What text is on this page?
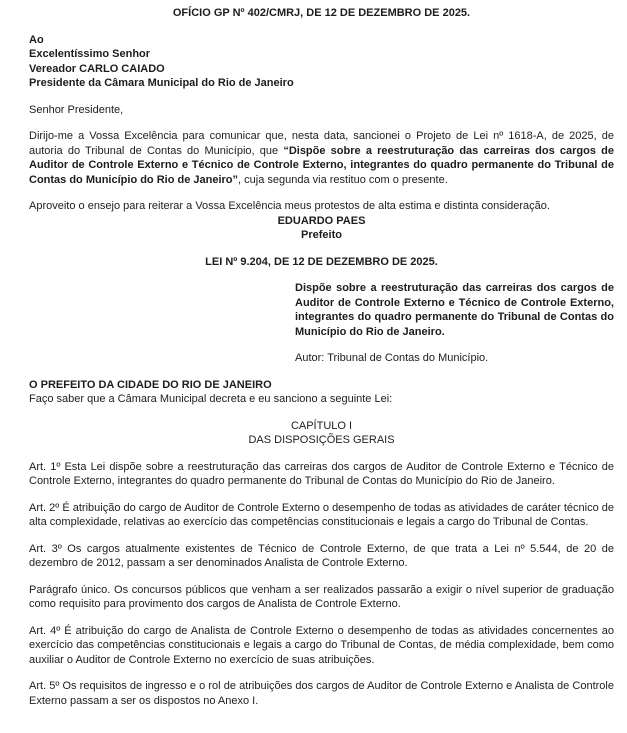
OFÍCIO GP Nº 402/CMRJ, DE 12 DE DEZEMBRO DE 2025.

Ao

Excelentíssimo Senhor

Vereador CARLO CAIADO

Presidente da Câmara Municipal do Rio de Janeiro

Senhor Presidente,

Dirijo-me a Vossa Excelência para comunicar que, nesta data, sancionei o Projeto de Lei nº 1618-A, de 2025, de autoria do Tribunal de Contas do Município, que “Dispõe sobre a reestruturação das carreiras dos cargos de Auditor de Controle Externo e Técnico de Controle Externo, integrantes do quadro permanente do Tribunal de Contas do Município do Rio de Janeiro”, cuja segunda via restituo com o presente.

Aproveito o ensejo para reiterar a Vossa Excelência meus protestos de alta estima e distinta consideração.

EDUARDO PAES

Prefeito

LEI Nº 9.204, DE 12 DE DEZEMBRO DE 2025.

Dispõe sobre a reestruturação das carreiras dos cargos de Auditor de Controle Externo e Técnico de Controle Externo, integrantes do quadro permanente do Tribunal de Contas do Município do Rio de Janeiro.

Autor: Tribunal de Contas do Município.

O PREFEITO DA CIDADE DO RIO DE JANEIRO

Faço saber que a Câmara Municipal decreta e eu sanciono a seguinte Lei:

CAPÍTULO I

DAS DISPOSIÇÕES GERAIS

Art. 1º Esta Lei dispõe sobre a reestruturação das carreiras dos cargos de Auditor de Controle Externo e Técnico de Controle Externo, integrantes do quadro permanente do Tribunal de Contas do Município do Rio de Janeiro.

Art. 2º É atribuição do cargo de Auditor de Controle Externo o desempenho de todas as atividades de caráter técnico de alta complexidade, relativas ao exercício das competências constitucionais e legais a cargo do Tribunal de Contas.

Art. 3º Os cargos atualmente existentes de Técnico de Controle Externo, de que trata a Lei nº 5.544, de 20 de dezembro de 2012, passam a ser denominados Analista de Controle Externo.

Parágrafo único. Os concursos públicos que venham a ser realizados passarão a exigir o nível superior de graduação como requisito para provimento dos cargos de Analista de Controle Externo.

Art. 4º É atribuição do cargo de Analista de Controle Externo o desempenho de todas as atividades concernentes ao exercício das competências constitucionais e legais a cargo do Tribunal de Contas, de média complexidade, bem como auxiliar o Auditor de Controle Externo no exercício de suas atribuições.

Art. 5º Os requisitos de ingresso e o rol de atribuições dos cargos de Auditor de Controle Externo e Analista de Controle Externo passam a ser os dispostos no Anexo I.
